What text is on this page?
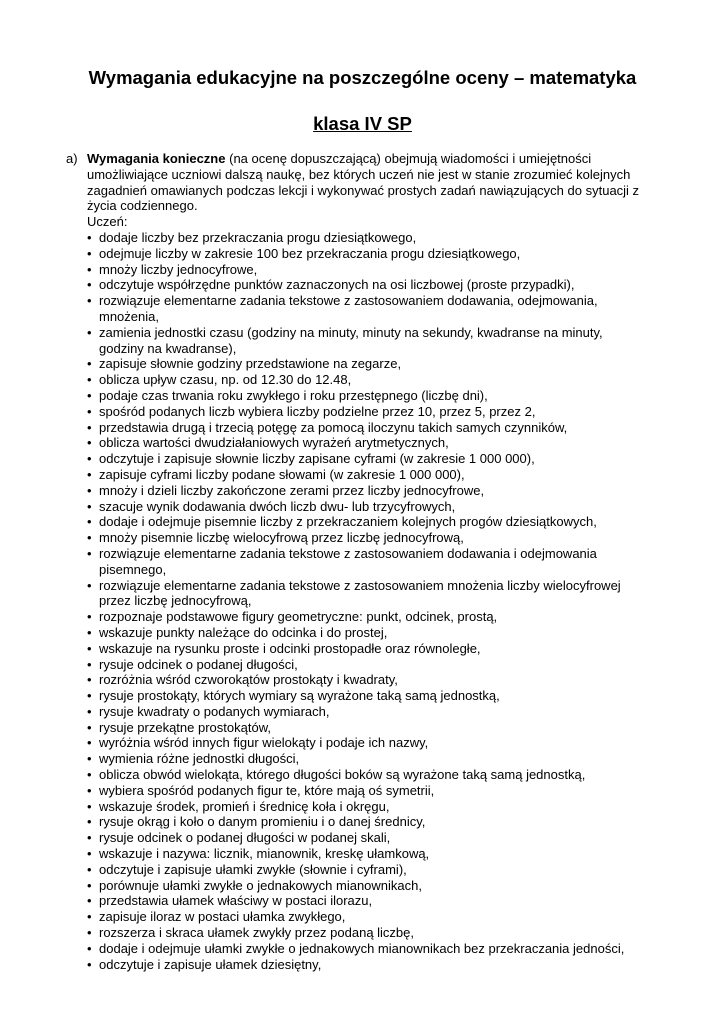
Wymagania edukacyjne na poszczególne oceny – matematyka
klasa IV SP
a) Wymagania konieczne (na ocenę dopuszczającą) obejmują wiadomości i umiejętności
umożliwiające uczniowi dalszą naukę, bez których uczeń nie jest w stanie zrozumieć kolejnych
zagadnień omawianych podczas lekcji i wykonywać prostych zadań nawiązujących do sytuacji z
życia codziennego.
Uczeń:
• dodaje liczby bez przekraczania progu dziesiątkowego,
• odejmuje liczby w zakresie 100 bez przekraczania progu dziesiątkowego,
• mnoży liczby jednocyfrowe,
• odczytuje współrzędne punktów zaznaczonych na osi liczbowej (proste przypadki),
• rozwiązuje elementarne zadania tekstowe z zastosowaniem dodawania, odejmowania,
mnożenia,
• zamienia jednostki czasu (godziny na minuty, minuty na sekundy, kwadranse na minuty,
godziny na kwadranse),
• zapisuje słownie godziny przedstawione na zegarze,
• oblicza upływ czasu, np. od 12.30 do 12.48,
• podaje czas trwania roku zwykłego i roku przestępnego (liczbę dni),
• spośród podanych liczb wybiera liczby podzielne przez 10, przez 5, przez 2,
• przedstawia drugą i trzecią potęgę za pomocą iloczynu takich samych czynników,
• oblicza wartości dwudziałaniowych wyrażeń arytmetycznych,
• odczytuje i zapisuje słownie liczby zapisane cyframi (w zakresie 1 000 000),
• zapisuje cyframi liczby podane słowami (w zakresie 1 000 000),
• mnoży i dzieli liczby zakończone zerami przez liczby jednocyfrowe,
• szacuje wynik dodawania dwóch liczb dwu- lub trzycyfrowych,
• dodaje i odejmuje pisemnie liczby z przekraczaniem kolejnych progów dziesiątkowych,
• mnoży pisemnie liczbę wielocyfrową przez liczbę jednocyfrową,
• rozwiązuje elementarne zadania tekstowe z zastosowaniem dodawania i odejmowania
pisemnego,
• rozwiązuje elementarne zadania tekstowe z zastosowaniem mnożenia liczby wielocyfrowej
przez liczbę jednocyfrową,
• rozpoznaje podstawowe figury geometryczne: punkt, odcinek, prostą,
• wskazuje punkty należące do odcinka i do prostej,
• wskazuje na rysunku proste i odcinki prostopadłe oraz równoległe,
• rysuje odcinek o podanej długości,
• rozróżnia wśród czworokątów prostokąty i kwadraty,
• rysuje prostokąty, których wymiary są wyrażone taką samą jednostką,
• rysuje kwadraty o podanych wymiarach,
• rysuje przekątne prostokątów,
• wyróżnia wśród innych figur wielokąty i podaje ich nazwy,
• wymienia różne jednostki długości,
• oblicza obwód wielokąta, którego długości boków są wyrażone taką samą jednostką,
• wybiera spośród podanych figur te, które mają oś symetrii,
• wskazuje środek, promień i średnicę koła i okręgu,
• rysuje okrąg i koło o danym promieniu i o danej średnicy,
• rysuje odcinek o podanej długości w podanej skali,
• wskazuje i nazywa: licznik, mianownik, kreskę ułamkową,
• odczytuje i zapisuje ułamki zwykłe (słownie i cyframi),
• porównuje ułamki zwykłe o jednakowych mianownikach,
• przedstawia ułamek właściwy w postaci ilorazu,
• zapisuje iloraz w postaci ułamka zwykłego,
• rozszerza i skraca ułamek zwykły przez podaną liczbę,
• dodaje i odejmuje ułamki zwykłe o jednakowych mianownikach bez przekraczania jedności,
• odczytuje i zapisuje ułamek dziesiętny,
